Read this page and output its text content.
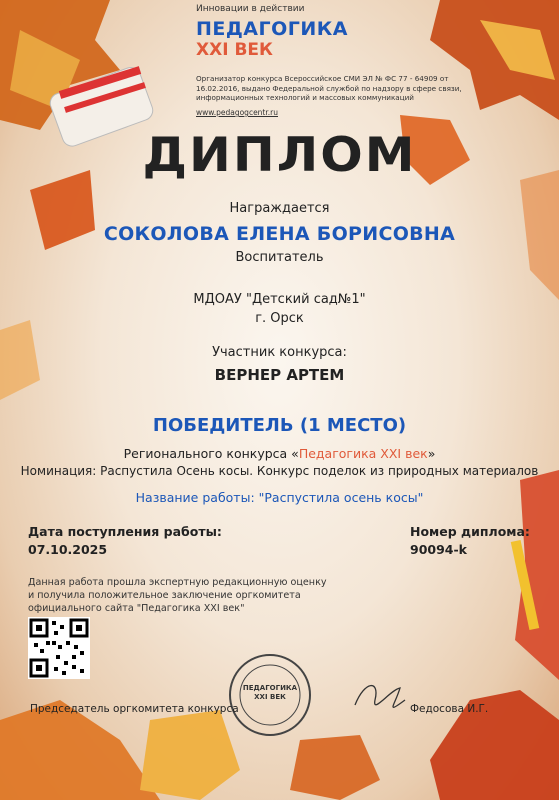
Инновации в действии
ПЕДАГОГИКА
XXI ВЕК
Организатор конкурса Всероссийское СМИ ЭЛ № ФС 77 - 64909 от 16.02.2016, выдано Федеральной службой по надзору в сфере связи, информационных технологий и массовых коммуникаций
www.pedagogcentr.ru
ДИПЛОМ
Награждается
СОКОЛОВА ЕЛЕНА БОРИСОВНА
Воспитатель
МДОАУ "Детский сад№1"
г. Орск
Участник конкурса:
ВЕРНЕР АРТЕМ
ПОБЕДИТЕЛЬ (1 МЕСТО)
Регионального конкурса «Педагогика XXI век»
Номинация: Распустила Осень косы. Конкурс поделок из природных материалов
Название работы: "Распустила осень косы"
Дата поступления работы:
07.10.2025
Номер диплома:
90094-k
Данная работа прошла экспертную редакционную оценку и получила положительное заключение оргкомитета официального сайта "Педагогика XXI век"
ПЕДАГОГИКА XXI ВЕК
Председатель оргкомитета конкурса	Федосова И.Г.
